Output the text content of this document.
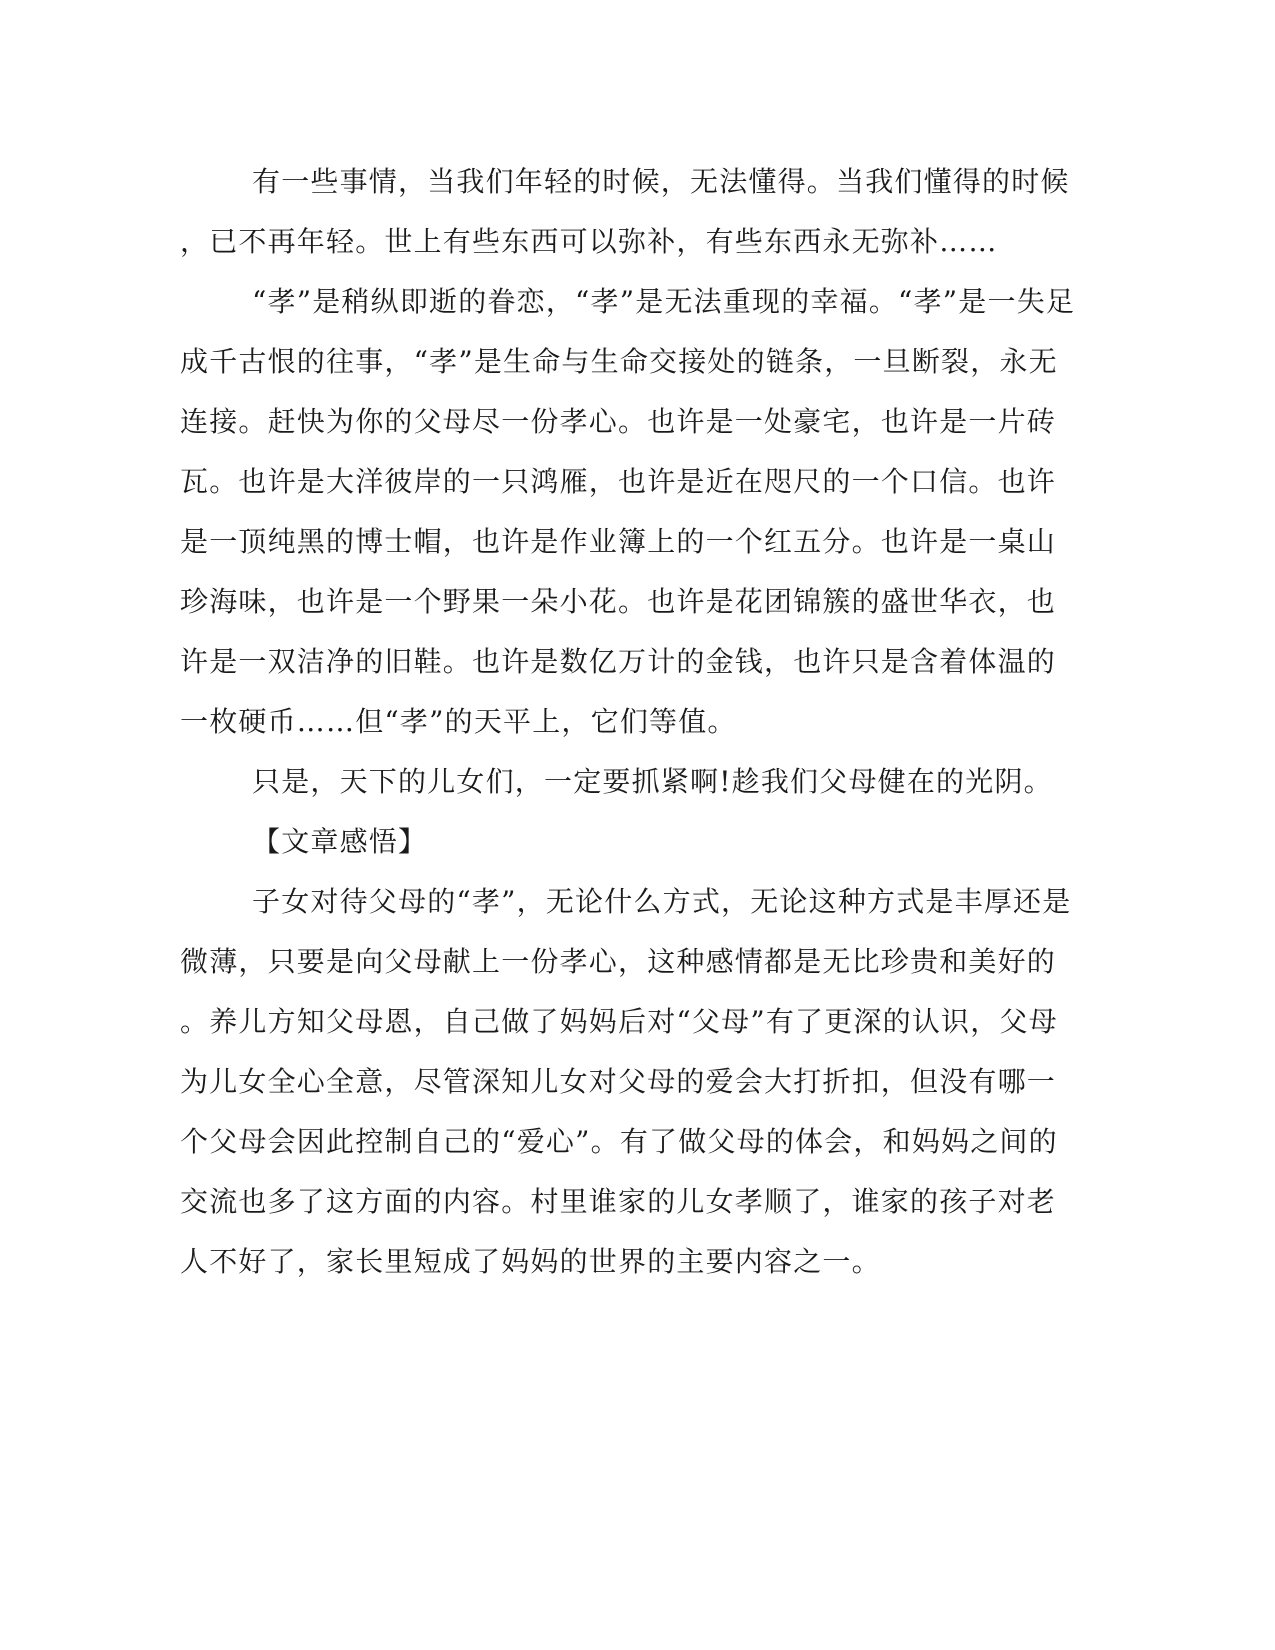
有一些事情，当我们年轻的时候，无法懂得。当我们懂得的时候
，已不再年轻。世上有些东西可以弥补，有些东西永无弥补……
“孝”是稍纵即逝的眷恋，“孝”是无法重现的幸福。“孝”是一失足
成千古恨的往事，“孝”是生命与生命交接处的链条，一旦断裂，永无
连接。赶快为你的父母尽一份孝心。也许是一处豪宅，也许是一片砖
瓦。也许是大洋彼岸的一只鸿雁，也许是近在咫尺的一个口信。也许
是一顶纯黑的博士帽，也许是作业簿上的一个红五分。也许是一桌山
珍海味，也许是一个野果一朵小花。也许是花团锦簇的盛世华衣，也
许是一双洁净的旧鞋。也许是数亿万计的金钱，也许只是含着体温的
一枚硬币……但“孝”的天平上，它们等值。
只是，天下的儿女们，一定要抓紧啊!趁我们父母健在的光阴。
【文章感悟】
子女对待父母的“孝”，无论什么方式，无论这种方式是丰厚还是
微薄，只要是向父母献上一份孝心，这种感情都是无比珍贵和美好的
。养儿方知父母恩，自己做了妈妈后对“父母”有了更深的认识，父母
为儿女全心全意，尽管深知儿女对父母的爱会大打折扣，但没有哪一
个父母会因此控制自己的“爱心”。有了做父母的体会，和妈妈之间的
交流也多了这方面的内容。村里谁家的儿女孝顺了，谁家的孩子对老
人不好了，家长里短成了妈妈的世界的主要内容之一。
